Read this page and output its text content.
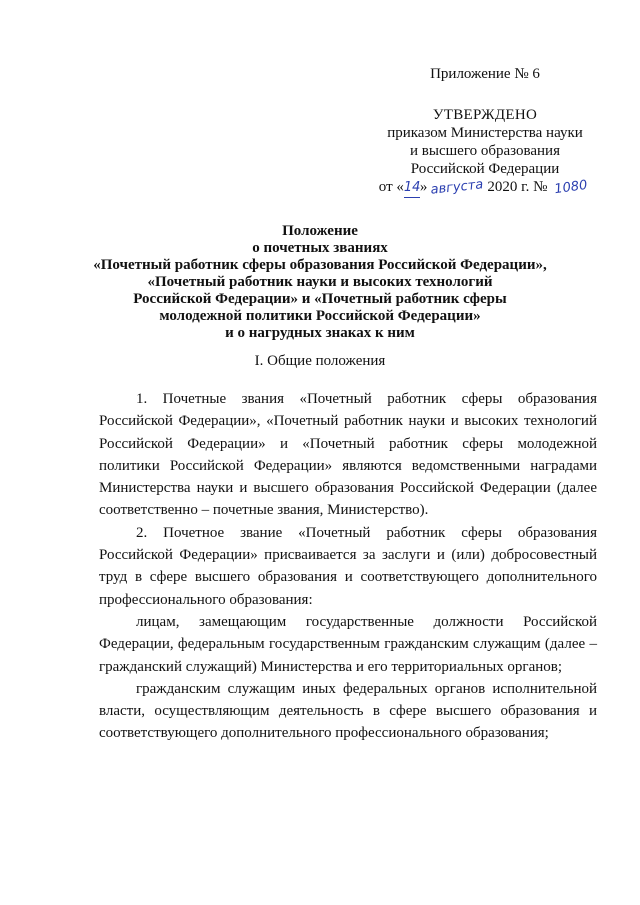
Приложение № 6
УТВЕРЖДЕНО
приказом Министерства науки
и высшего образования
Российской Федерации
от «14» августа 2020 г. № 1080
Положение
о почетных званиях
«Почетный работник сферы образования Российской Федерации»,
«Почетный работник науки и высоких технологий
Российской Федерации» и «Почетный работник сферы
молодежной политики Российской Федерации»
и о нагрудных знаках к ним
I. Общие положения

1. Почетные звания «Почетный работник сферы образования Российской Федерации», «Почетный работник науки и высоких технологий Российской Федерации» и «Почетный работник сферы молодежной политики Российской Федерации» являются ведомственными наградами Министерства науки и высшего образования Российской Федерации (далее соответственно – почетные звания, Министерство).

2. Почетное звание «Почетный работник сферы образования Российской Федерации» присваивается за заслуги и (или) добросовестный труд в сфере высшего образования и соответствующего дополнительного профессионального образования:

лицам, замещающим государственные должности Российской Федерации, федеральным государственным гражданским служащим (далее – гражданский служащий) Министерства и его территориальных органов;

гражданским служащим иных федеральных органов исполнительной власти, осуществляющим деятельность в сфере высшего образования и соответствующего дополнительного профессионального образования;
